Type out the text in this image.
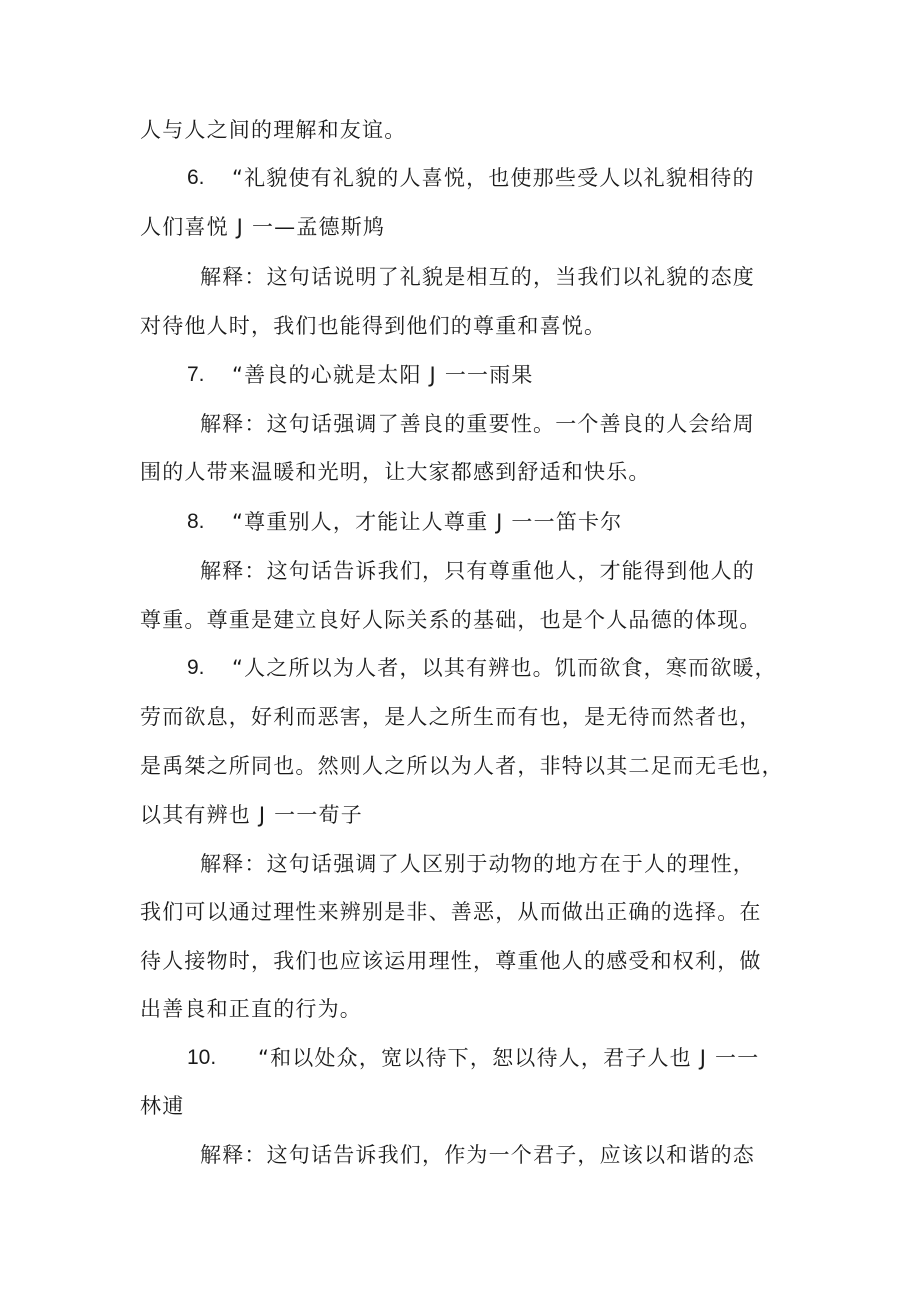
人与人之间的理解和友谊。
6. “礼貌使有礼貌的人喜悦，也使那些受人以礼貌相待的
人们喜悦 J 一—孟德斯鸠
解释：这句话说明了礼貌是相互的，当我们以礼貌的态度
对待他人时，我们也能得到他们的尊重和喜悦。
7. “善良的心就是太阳 J 一一雨果
解释：这句话强调了善良的重要性。一个善良的人会给周
围的人带来温暖和光明，让大家都感到舒适和快乐。
8. “尊重别人，才能让人尊重 J 一一笛卡尔
解释：这句话告诉我们，只有尊重他人，才能得到他人的
尊重。尊重是建立良好人际关系的基础，也是个人品德的体现。
9. “人之所以为人者，以其有辨也。饥而欲食，寒而欲暖，
劳而欲息，好利而恶害，是人之所生而有也，是无待而然者也，
是禹桀之所同也。然则人之所以为人者，非特以其二足而无毛也，
以其有辨也 J 一一荀子
解释：这句话强调了人区别于动物的地方在于人的理性，
我们可以通过理性来辨别是非、善恶，从而做出正确的选择。在
待人接物时，我们也应该运用理性，尊重他人的感受和权利，做
出善良和正直的行为。
10. “和以处众，宽以待下，恕以待人，君子人也 J 一一
林逋
解释：这句话告诉我们，作为一个君子，应该以和谐的态
